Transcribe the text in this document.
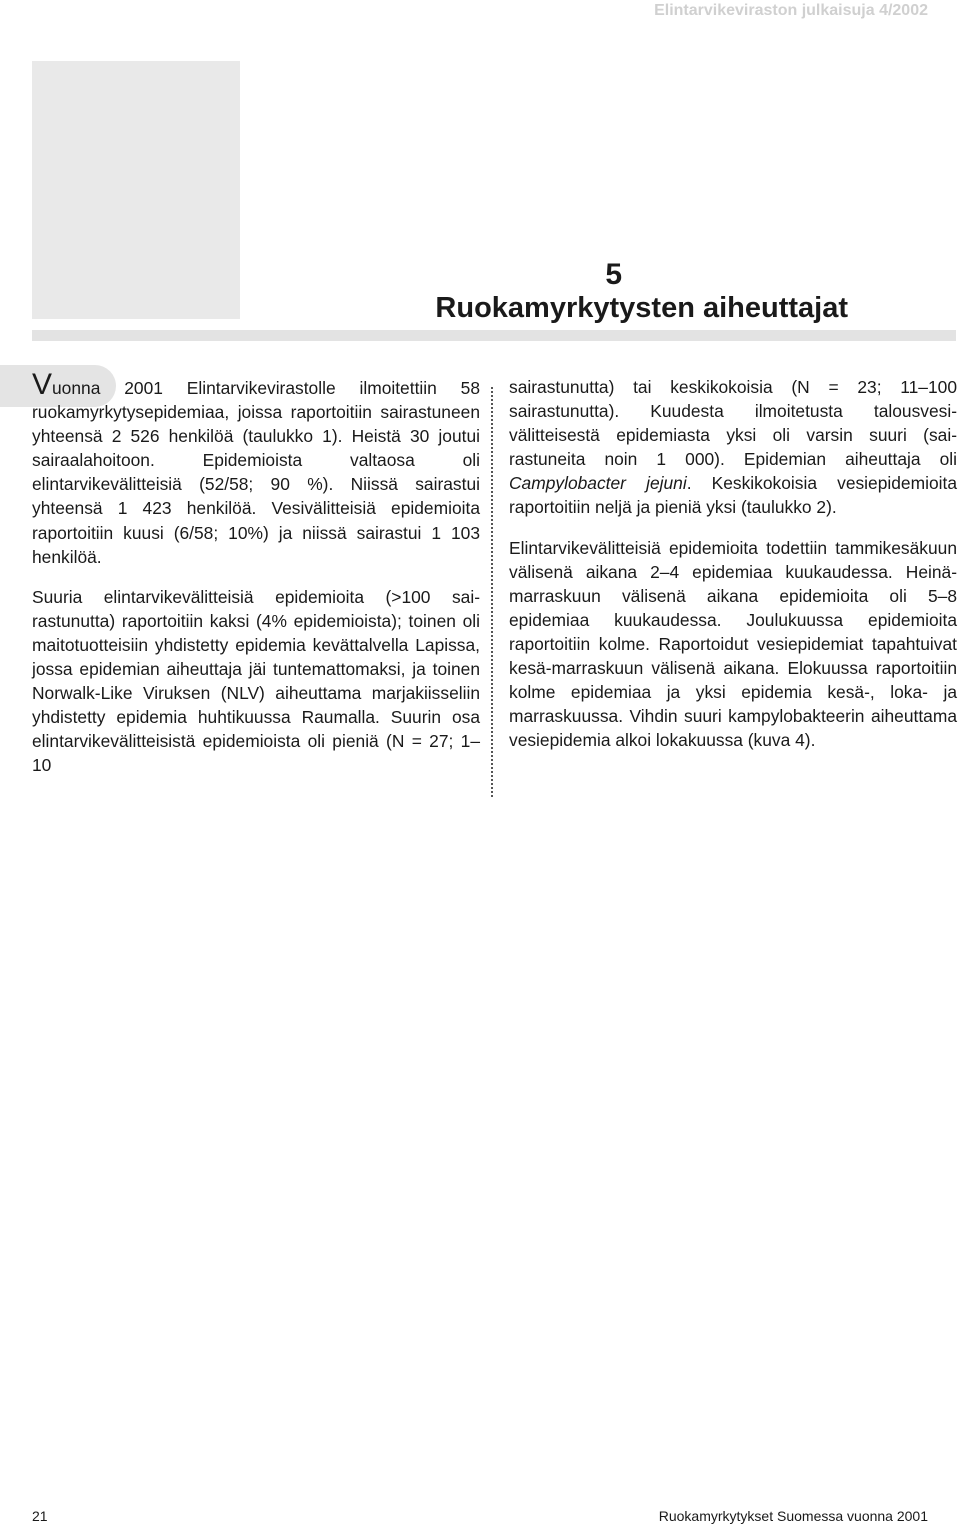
Elintarvikeviraston julkaisuja 4/2002
5
Ruokamyrkytysten aiheuttajat

Vuonna 2001 Elintarvikevirastolle ilmoitettiin 58 ruokamyrkytysepidemiaa, joissa raportoitiin sairastuneen yhteensä 2 526 henkilöä (taulukko 1). Heistä 30 joutui sairaalahoitoon. Epidemioista valtaosa oli elintarvikevälitteisiä (52/58; 90 %). Niissä sairastui yhteensä 1 423 henkilöä. Vesivälitteisiä epidemioita raportoitiin kuusi (6/58; 10%) ja niissä sairastui 1 103 henkilöä.

Suuria elintarvikevälitteisiä epidemioita (>100 sairastunutta) raportoitiin kaksi (4% epidemioista); toinen oli maitotuotteisiin yhdistetty epidemia kevättalvella Lapissa, jossa epidemian aiheuttaja jäi tuntemattomaksi, ja toinen Norwalk-Like Viruksen (NLV) aiheuttama marjakiisseliin yhdistetty epidemia huhtikuussa Raumalla. Suurin osa elintarvikevälitteisistä epidemioista oli pieniä (N = 27; 1–10

sairastunutta) tai keskikokoisia (N = 23; 11–100 sairastunutta). Kuudesta ilmoitetusta talousvesivälitteisestä epidemiasta yksi oli varsin suuri (sairastuneita noin 1 000). Epidemian aiheuttaja oli Campylobacter jejuni. Keskikokoisia vesiepidemioita raportoitiin neljä ja pieniä yksi (taulukko 2).

Elintarvikevälitteisiä epidemioita todettiin tammikesäkuun välisenä aikana 2–4 epidemiaa kuukaudessa. Heinä-marraskuun välisenä aikana epidemioita oli 5–8 epidemiaa kuukaudessa. Joulukuussa epidemioita raportoitiin kolme. Raportoidut vesiepidemiat tapahtuivat kesä-marraskuun välisenä aikana. Elokuussa raportoitiin kolme epidemiaa ja yksi epidemia kesä-, loka- ja marraskuussa. Vihdin suuri kampylobakteerin aiheuttama vesiepidemia alkoi lokakuussa (kuva 4).

21	Ruokamyrkytykset Suomessa vuonna 2001
